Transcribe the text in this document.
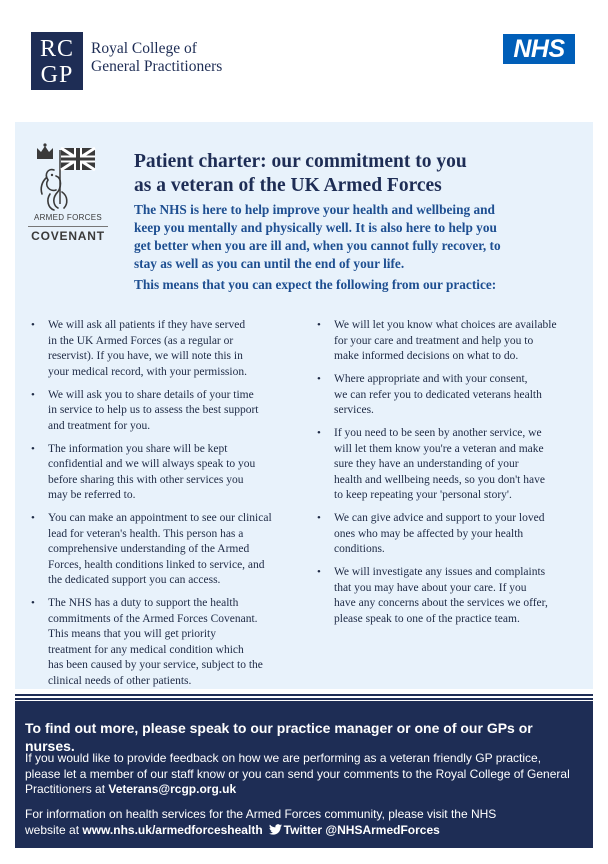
RC
GP
Royal College of
General Practitioners
NHS
ARMED FORCES
COVENANT
Patient charter: our commitment to you
as a veteran of the UK Armed Forces
The NHS is here to help improve your health and wellbeing and
keep you mentally and physically well. It is also here to help you
get better when you are ill and, when you cannot fully recover, to
stay as well as you can until the end of your life.
This means that you can expect the following from our practice:
• We will ask all patients if they have served
in the UK Armed Forces (as a regular or
reservist). If you have, we will note this in
your medical record, with your permission.
• We will ask you to share details of your time
in service to help us to assess the best support
and treatment for you.
• The information you share will be kept
confidential and we will always speak to you
before sharing this with other services you
may be referred to.
• You can make an appointment to see our clinical
lead for veteran's health. This person has a
comprehensive understanding of the Armed
Forces, health conditions linked to service, and
the dedicated support you can access.
• The NHS has a duty to support the health
commitments of the Armed Forces Covenant.
This means that you will get priority
treatment for any medical condition which
has been caused by your service, subject to the
clinical needs of other patients.
• We will let you know what choices are available
for your care and treatment and help you to
make informed decisions on what to do.
• Where appropriate and with your consent,
we can refer you to dedicated veterans health
services.
• If you need to be seen by another service, we
will let them know you're a veteran and make
sure they have an understanding of your
health and wellbeing needs, so you don't have
to keep repeating your 'personal story'.
• We can give advice and support to your loved
ones who may be affected by your health
conditions.
• We will investigate any issues and complaints
that you may have about your care. If you
have any concerns about the services we offer,
please speak to one of the practice team.
To find out more, please speak to our practice manager or one of our GPs or nurses.
If you would like to provide feedback on how we are performing as a veteran friendly GP practice,
please let a member of our staff know or you can send your comments to the Royal College of General
Practitioners at Veterans@rcgp.org.uk
For information on health services for the Armed Forces community, please visit the NHS
website at www.nhs.uk/armedforceshealth Twitter @NHSArmedForces
